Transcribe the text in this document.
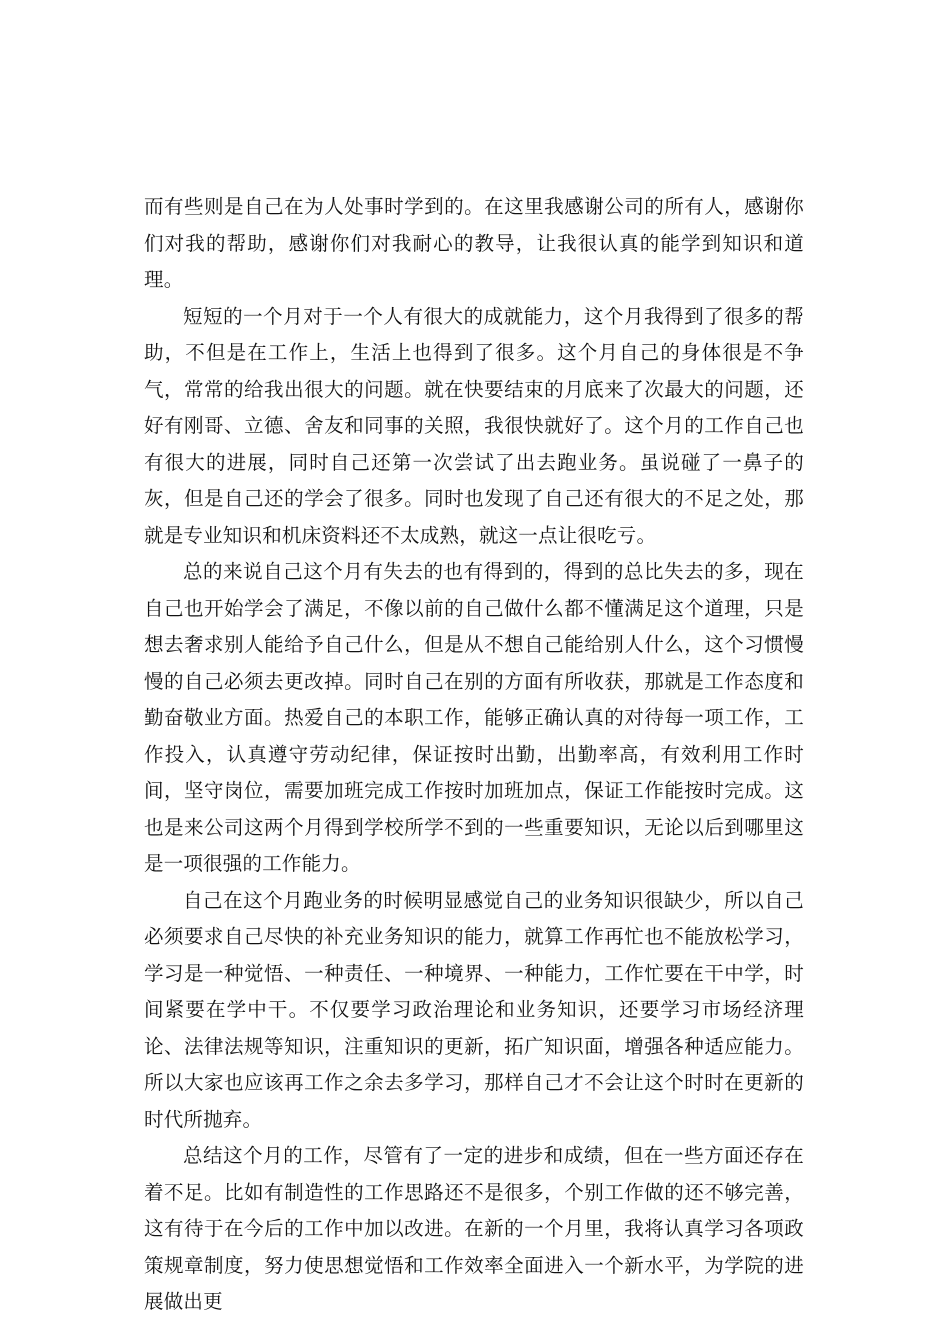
而有些则是自己在为人处事时学到的。在这里我感谢公司的所有人，感谢你们对我的帮助，感谢你们对我耐心的教导，让我很认真的能学到知识和道理。

短短的一个月对于一个人有很大的成就能力，这个月我得到了很多的帮助，不但是在工作上，生活上也得到了很多。这个月自己的身体很是不争气，常常的给我出很大的问题。就在快要结束的月底来了次最大的问题，还好有刚哥、立德、舍友和同事的关照，我很快就好了。这个月的工作自己也有很大的进展，同时自己还第一次尝试了出去跑业务。虽说碰了一鼻子的灰，但是自己还的学会了很多。同时也发现了自己还有很大的不足之处，那就是专业知识和机床资料还不太成熟，就这一点让很吃亏。

总的来说自己这个月有失去的也有得到的，得到的总比失去的多，现在自己也开始学会了满足，不像以前的自己做什么都不懂满足这个道理，只是想去奢求别人能给予自己什么，但是从不想自己能给别人什么，这个习惯慢慢的自己必须去更改掉。同时自己在别的方面有所收获，那就是工作态度和勤奋敬业方面。热爱自己的本职工作，能够正确认真的对待每一项工作，工作投入，认真遵守劳动纪律，保证按时出勤，出勤率高，有效利用工作时间，坚守岗位，需要加班完成工作按时加班加点，保证工作能按时完成。这也是来公司这两个月得到学校所学不到的一些重要知识，无论以后到哪里这是一项很强的工作能力。

自己在这个月跑业务的时候明显感觉自己的业务知识很缺少，所以自己必须要求自己尽快的补充业务知识的能力，就算工作再忙也不能放松学习，学习是一种觉悟、一种责任、一种境界、一种能力，工作忙要在干中学，时间紧要在学中干。不仅要学习政治理论和业务知识，还要学习市场经济理论、法律法规等知识，注重知识的更新，拓广知识面，增强各种适应能力。所以大家也应该再工作之余去多学习，那样自己才不会让这个时时在更新的时代所抛弃。

总结这个月的工作，尽管有了一定的进步和成绩，但在一些方面还存在着不足。比如有制造性的工作思路还不是很多，个别工作做的还不够完善，这有待于在今后的工作中加以改进。在新的一个月里，我将认真学习各项政策规章制度，努力使思想觉悟和工作效率全面进入一个新水平，为学院的进展做出更
